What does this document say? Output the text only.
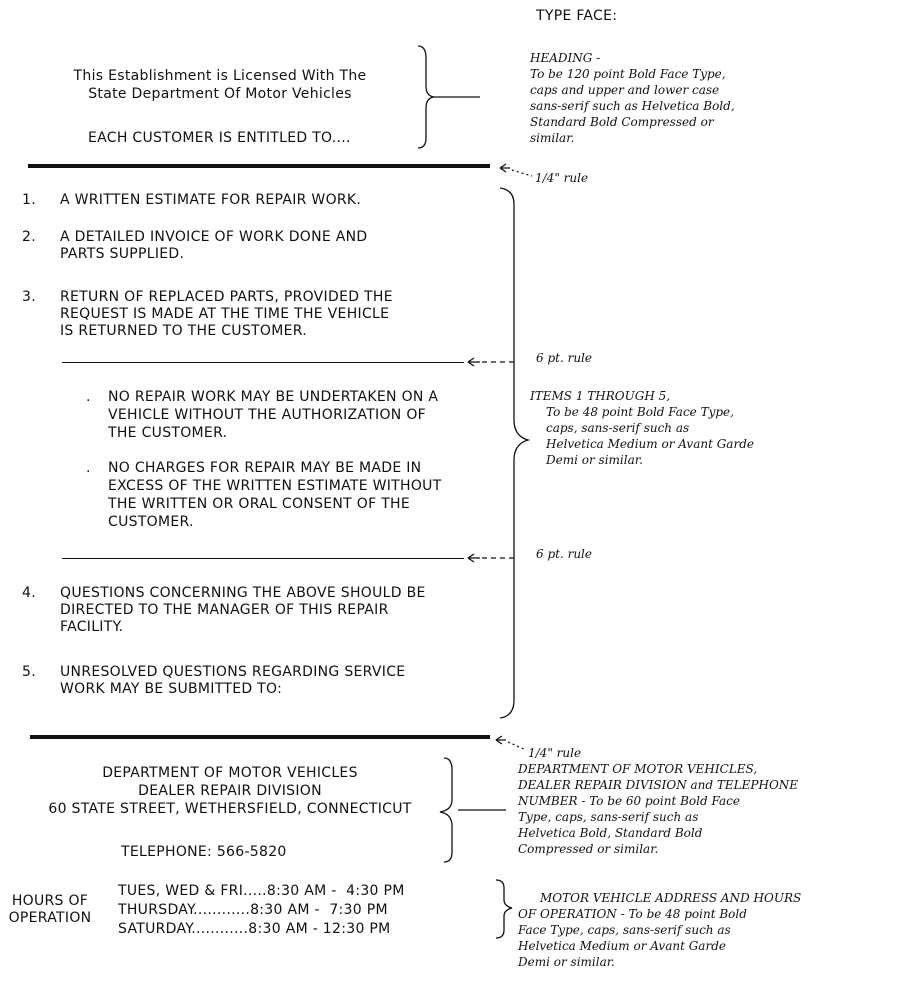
TYPE FACE:
HEADING -
To be 120 point Bold Face Type,
caps and upper and lower case
sans-serif such as Helvetica Bold,
Standard Bold Compressed or
similar.
This Establishment is Licensed With The
State Department Of Motor Vehicles
EACH CUSTOMER IS ENTITLED TO....
1/4" rule
1.	A WRITTEN ESTIMATE FOR REPAIR WORK.
2.	A DETAILED INVOICE OF WORK DONE AND
PARTS SUPPLIED.
3.	RETURN OF REPLACED PARTS, PROVIDED THE
REQUEST IS MADE AT THE TIME THE VEHICLE
IS RETURNED TO THE CUSTOMER.
6 pt. rule
ITEMS 1 THROUGH 5,
To be 48 point Bold Face Type,
caps, sans-serif such as
Helvetica Medium or Avant Garde
Demi or similar.
. NO REPAIR WORK MAY BE UNDERTAKEN ON A
VEHICLE WITHOUT THE AUTHORIZATION OF
THE CUSTOMER.
. NO CHARGES FOR REPAIR MAY BE MADE IN
EXCESS OF THE WRITTEN ESTIMATE WITHOUT
THE WRITTEN OR ORAL CONSENT OF THE
CUSTOMER.
6 pt. rule
4.	QUESTIONS CONCERNING THE ABOVE SHOULD BE
DIRECTED TO THE MANAGER OF THIS REPAIR
FACILITY.
5.	UNRESOLVED QUESTIONS REGARDING SERVICE
WORK MAY BE SUBMITTED TO:
1/4" rule
DEPARTMENT OF MOTOR VEHICLES,
DEALER REPAIR DIVISION and TELEPHONE
NUMBER - To be 60 point Bold Face
Type, caps, sans-serif such as
Helvetica Bold, Standard Bold
Compressed or similar.
DEPARTMENT OF MOTOR VEHICLES
DEALER REPAIR DIVISION
60 STATE STREET, WETHERSFIELD, CONNECTICUT
TELEPHONE: 566-5820
HOURS OF
OPERATION
TUES, WED & FRI.....8:30 AM -  4:30 PM
THURSDAY............8:30 AM -  7:30 PM
SATURDAY............8:30 AM - 12:30 PM
MOTOR VEHICLE ADDRESS AND HOURS
OF OPERATION - To be 48 point Bold
Face Type, caps, sans-serif such as
Helvetica Medium or Avant Garde
Demi or similar.
